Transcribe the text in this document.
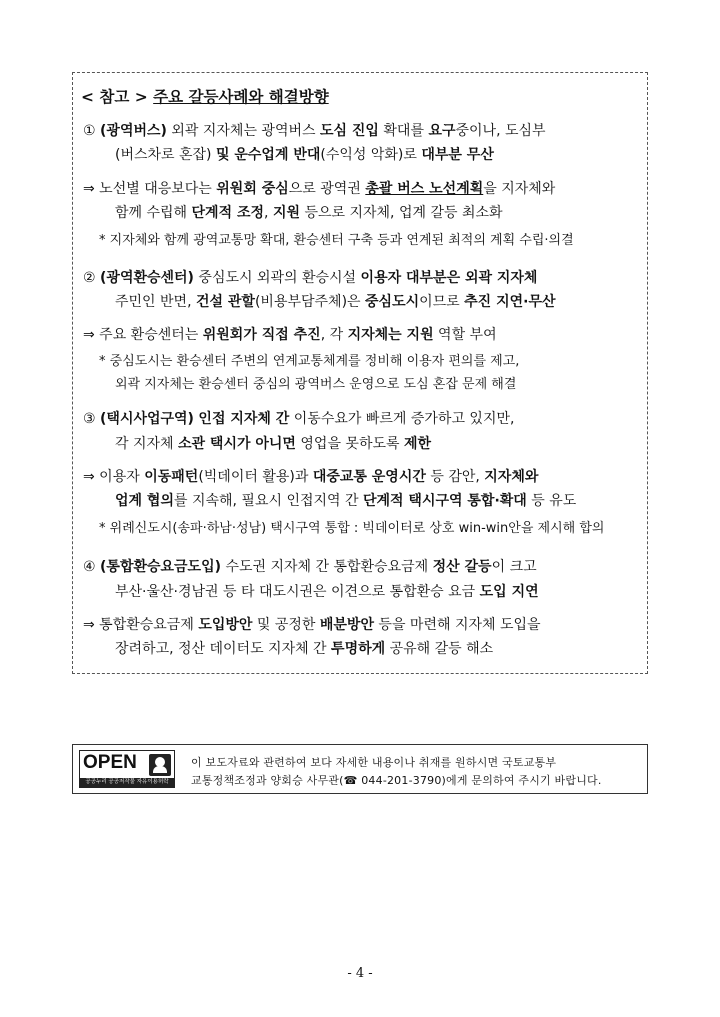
< 참고 > 주요 갈등사례와 해결방향
① (광역버스) 외곽 지자체는 광역버스 도심 진입 확대를 요구중이나, 도심부
(버스차로 혼잡) 및 운수업계 반대(수익성 악화)로 대부분 무산
⇒ 노선별 대응보다는 위원회 중심으로 광역권 총괄 버스 노선계획을 지자체와
함께 수립해 단계적 조정, 지원 등으로 지자체, 업계 갈등 최소화
* 지자체와 함께 광역교통망 확대, 환승센터 구축 등과 연계된 최적의 계획 수립·의결
② (광역환승센터) 중심도시 외곽의 환승시설 이용자 대부분은 외곽 지자체
주민인 반면, 건설 관할(비용부담주체)은 중심도시이므로 추진 지연·무산
⇒ 주요 환승센터는 위원회가 직접 추진, 각 지자체는 지원 역할 부여
* 중심도시는 환승센터 주변의 연계교통체계를 정비해 이용자 편의를 제고,
외곽 지자체는 환승센터 중심의 광역버스 운영으로 도심 혼잡 문제 해결
③ (택시사업구역) 인접 지자체 간 이동수요가 빠르게 증가하고 있지만,
각 지자체 소관 택시가 아니면 영업을 못하도록 제한
⇒ 이용자 이동패턴(빅데이터 활용)과 대중교통 운영시간 등 감안, 지자체와
업계 협의를 지속해, 필요시 인접지역 간 단계적 택시구역 통합·확대 등 유도
* 위례신도시(송파·하남·성남) 택시구역 통합 : 빅데이터로 상호 win-win안을 제시해 합의
④ (통합환승요금도입) 수도권 지자체 간 통합환승요금제 정산 갈등이 크고
부산·울산·경남권 등 타 대도시권은 이견으로 통합환승 요금 도입 지연
⇒ 통합환승요금제 도입방안 및 공정한 배분방안 등을 마련해 지자체 도입을
장려하고, 정산 데이터도 지자체 간 투명하게 공유해 갈등 해소
OPEN
공공누리 공공저작물 자유이용허락
이 보도자료와 관련하여 보다 자세한 내용이나 취재를 원하시면 국토교통부
교통정책조정과 양회승 사무관(☎ 044-201-3790)에게 문의하여 주시기 바랍니다.
- 4 -
